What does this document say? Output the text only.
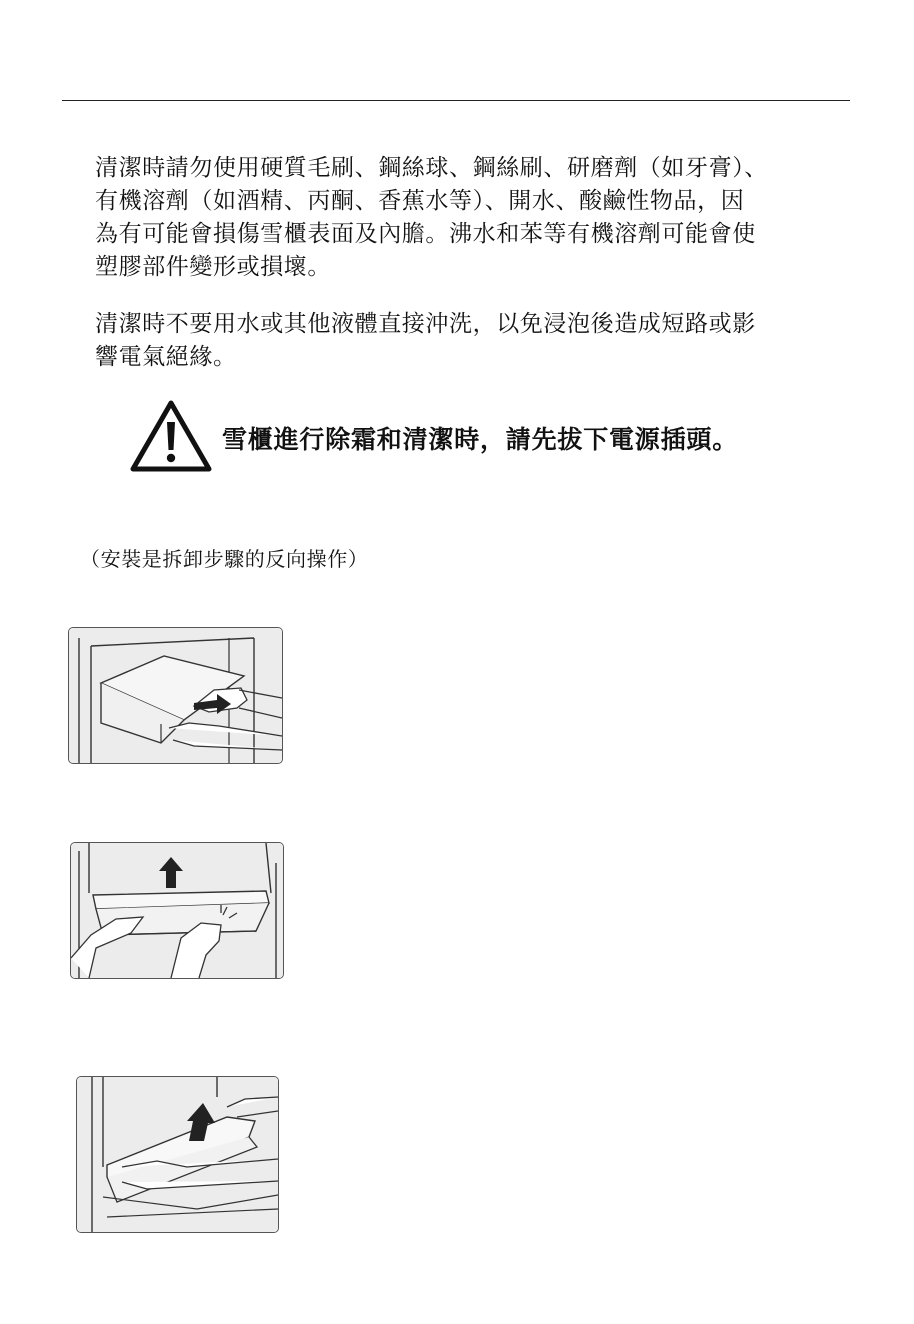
清潔時請勿使用硬質毛刷、鋼絲球、鋼絲刷、研磨劑（如牙膏）、
有機溶劑（如酒精、丙酮、香蕉水等）、開水、酸鹼性物品，因
為有可能會損傷雪櫃表面及內膽。沸水和苯等有機溶劑可能會使
塑膠部件變形或損壞。

清潔時不要用水或其他液體直接沖洗，以免浸泡後造成短路或影
響電氣絕緣。

雪櫃進行除霜和清潔時，請先拔下電源插頭。
（安裝是拆卸步驟的反向操作）
